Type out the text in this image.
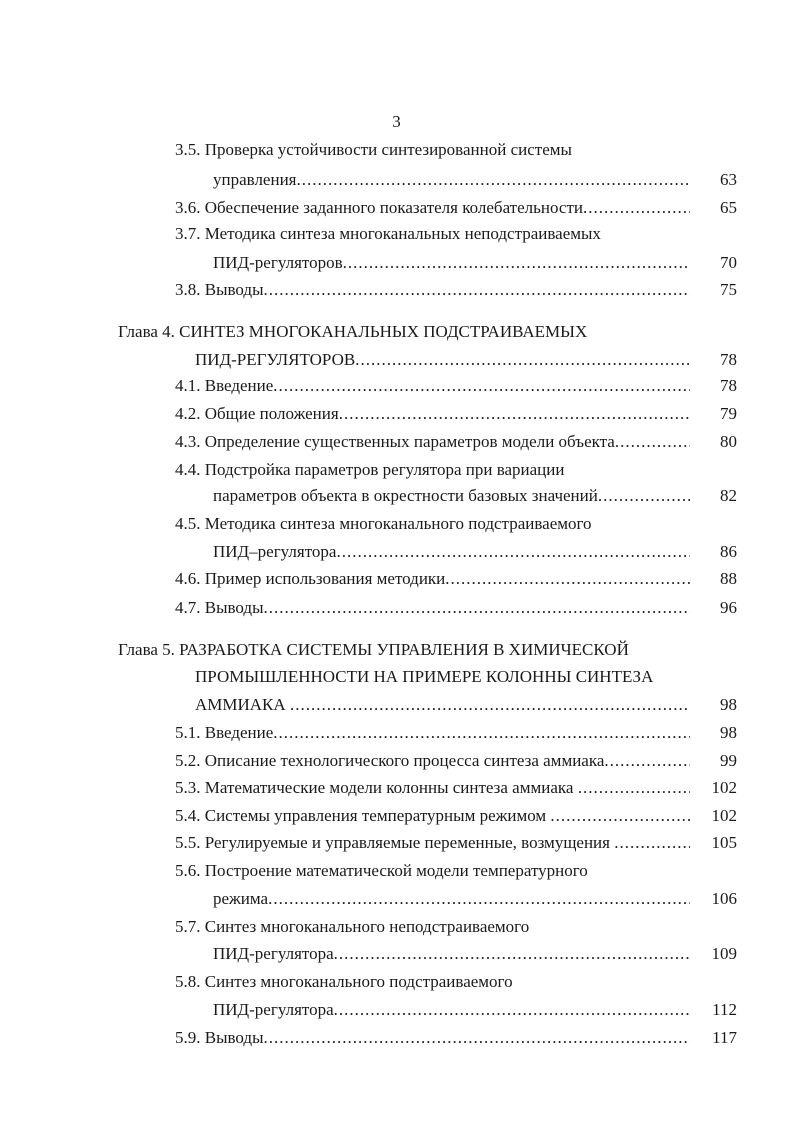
3
3.5. Проверка устойчивости синтезированной системы
управления .....	63
3.6. Обеспечение заданного показателя колебательности .....	65
3.7. Методика синтеза многоканальных неподстраиваемых
ПИД-регуляторов .....	70
3.8. Выводы .....	75
Глава 4. СИНТЕЗ МНОГОКАНАЛЬНЫХ ПОДСТРАИВАЕМЫХ
ПИД-РЕГУЛЯТОРОВ .....	78
4.1. Введение .....	78
4.2. Общие положения .....	79
4.3. Определение существенных параметров модели объекта .....	80
4.4. Подстройка параметров регулятора при вариации
параметров объекта в окрестности базовых значений .....	82
4.5. Методика синтеза многоканального подстраиваемого
ПИД–регулятора .....	86
4.6. Пример использования методики .....	88
4.7. Выводы .....	96
Глава 5. РАЗРАБОТКА СИСТЕМЫ УПРАВЛЕНИЯ В ХИМИЧЕСКОЙ
ПРОМЫШЛЕННОСТИ НА ПРИМЕРЕ КОЛОННЫ СИНТЕЗА
АММИАКА
.....	98
5.1. Введение .....	98
5.2. Описание технологического процесса синтеза аммиака .....	99
5.3. Математические модели колонны синтеза аммиака
.....	102
5.4. Системы управления температурным режимом
.....	102
5.5. Регулируемые и управляемые переменные, возмущения
.....	105
5.6. Построение математической модели температурного
режима .....	106
5.7. Синтез многоканального неподстраиваемого
ПИД-регулятора .....	109
5.8. Синтез многоканального подстраиваемого
ПИД-регулятора .....	112
5.9. Выводы .....	117
